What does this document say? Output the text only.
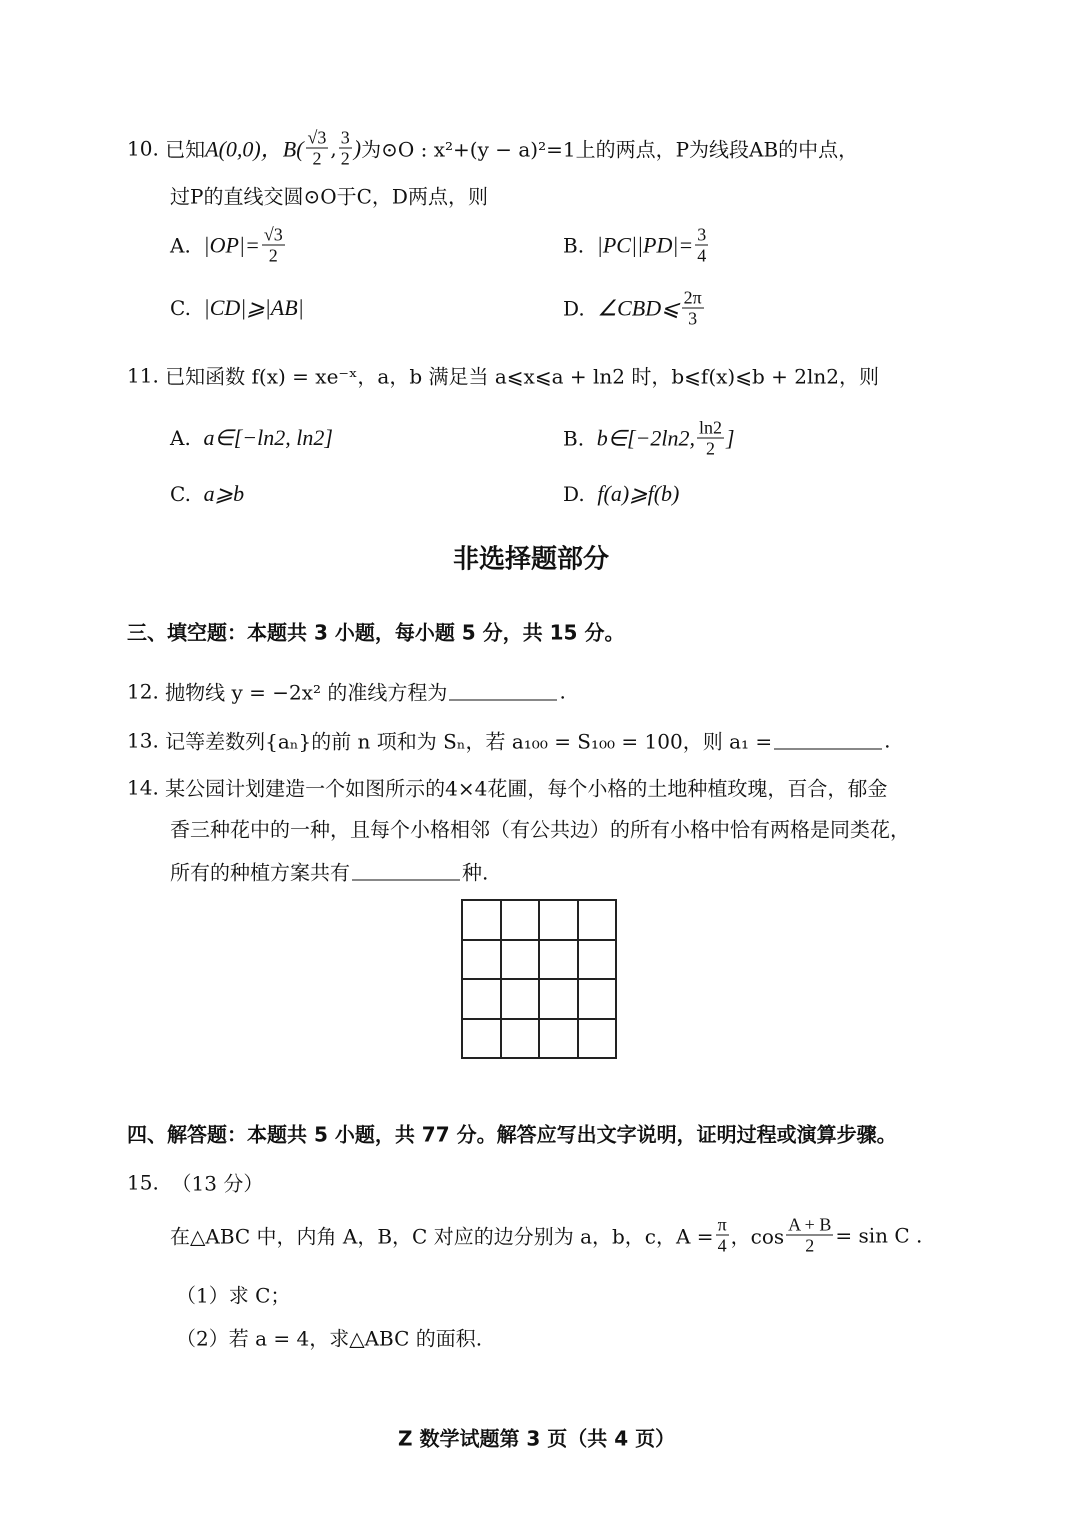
10.
已知 A(0,0)，B( √3
2 , 3
2 ) 为⊙O : x²+(y − a)²=1上的两点，P为线段AB的中点，
过P的直线交圆⊙O于C，D两点，则
A.
$|OP|= \frac{√3}{2}$	B.
$|PC||PD|= \frac{3}{4}$
C.
|CD|⩾|AB|	D.
∠CBD⩽ 2π
3
11.
已知函数 f(x) = xe⁻ˣ，a，b 满足当 a⩽x⩽a + ln2 时，b⩽f(x)⩽b + 2ln2，则
A.
a∈[−ln2, ln2]	B.
b∈[−2ln2, ln2
2 ]
C.
a⩾b	D.
f(a)⩾f(b)
非选择题部分
三、填空题：本题共 3 小题，每小题 5 分，共 15 分。
12.
抛物线 y = −2x² 的准线方程为	.
13.
记等差数列{aₙ}的前 n 项和为 Sₙ，若 a₁₀₀ = S₁₀₀ = 100，则 a₁ =	.
14.
某公园计划建造一个如图所示的4×4花圃，每个小格的土地种植玫瑰，百合，郁金
香三种花中的一种，且每个小格相邻（有公共边）的所有小格中恰有两格是同类花，
所有的种植方案共有	种.
四、解答题：本题共 5 小题，共 77 分。解答应写出文字说明，证明过程或演算步骤。
15.
（13 分）
在△ABC 中，内角 A，B，C 对应的边分别为 a，b，c，$A = \frac{\pi}{4}$ ，$\cos \frac{A + B}{2} = \sin C$ .
（1）求 C；
（2）若 a = 4，求△ABC 的面积.
Z 数学试题第 3 页（共 4 页）
